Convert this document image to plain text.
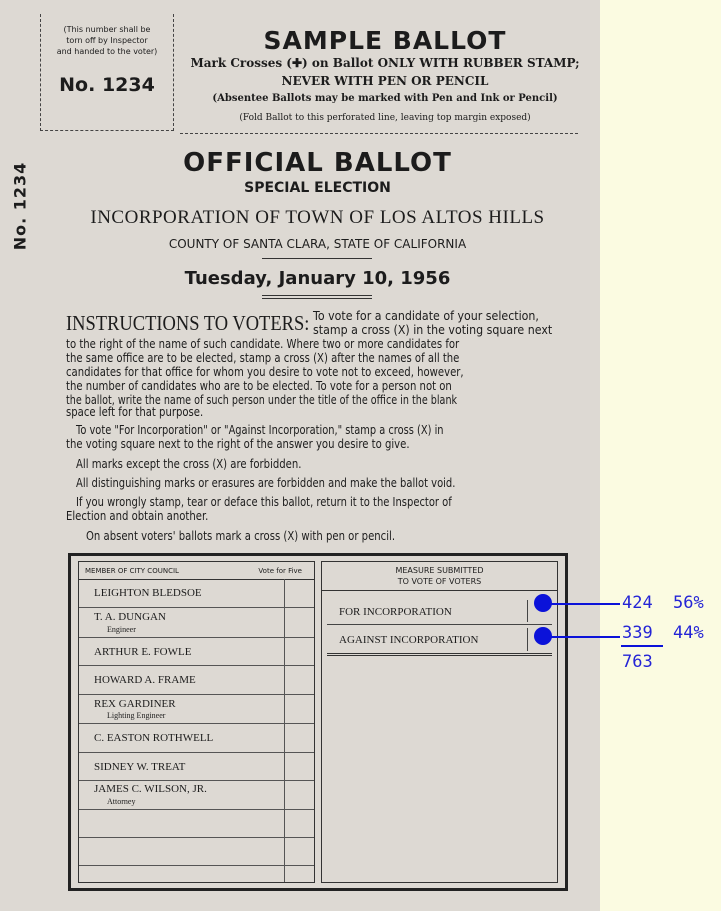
(This number shall be
torn off by Inspector
and handed to the voter)
No. 1234
No. 1234
SAMPLE BALLOT
Mark Crosses (✚) on Ballot ONLY WITH RUBBER STAMP;
NEVER WITH PEN OR PENCIL
(Absentee Ballots may be marked with Pen and Ink or Pencil)
(Fold Ballot to this perforated line, leaving top margin exposed)
OFFICIAL BALLOT
SPECIAL ELECTION
INCORPORATION OF TOWN OF LOS ALTOS HILLS
COUNTY OF SANTA CLARA, STATE OF CALIFORNIA
Tuesday, January 10, 1956
INSTRUCTIONS TO VOTERS: To vote for a candidate of your selection,
stamp a cross (X) in the voting square next
to the right of the name of such candidate. Where two or more candidates for
the same office are to be elected, stamp a cross (X) after the names of all the
candidates for that office for whom you desire to vote not to exceed, however,
the number of candidates who are to be elected. To vote for a person not on
the ballot, write the name of such person under the title of the office in the blank
space left for that purpose.
To vote "For Incorporation" or "Against Incorporation," stamp a cross (X) in
the voting square next to the right of the answer you desire to give.
All marks except the cross (X) are forbidden.
All distinguishing marks or erasures are forbidden and make the ballot void.
If you wrongly stamp, tear or deface this ballot, return it to the Inspector of
Election and obtain another.
On absent voters' ballots mark a cross (X) with pen or pencil.
MEMBER OF CITY COUNCIL	Vote for Five
LEIGHTON BLEDSOE
T. A. DUNGAN
Engineer
ARTHUR E. FOWLE
HOWARD A. FRAME
REX GARDINER
Lighting Engineer
C. EASTON ROTHWELL
SIDNEY W. TREAT
JAMES C. WILSON, JR.
Attorney
MEASURE SUBMITTED
TO VOTE OF VOTERS
FOR INCORPORATION
AGAINST INCORPORATION
424 56%
339 44%
763
